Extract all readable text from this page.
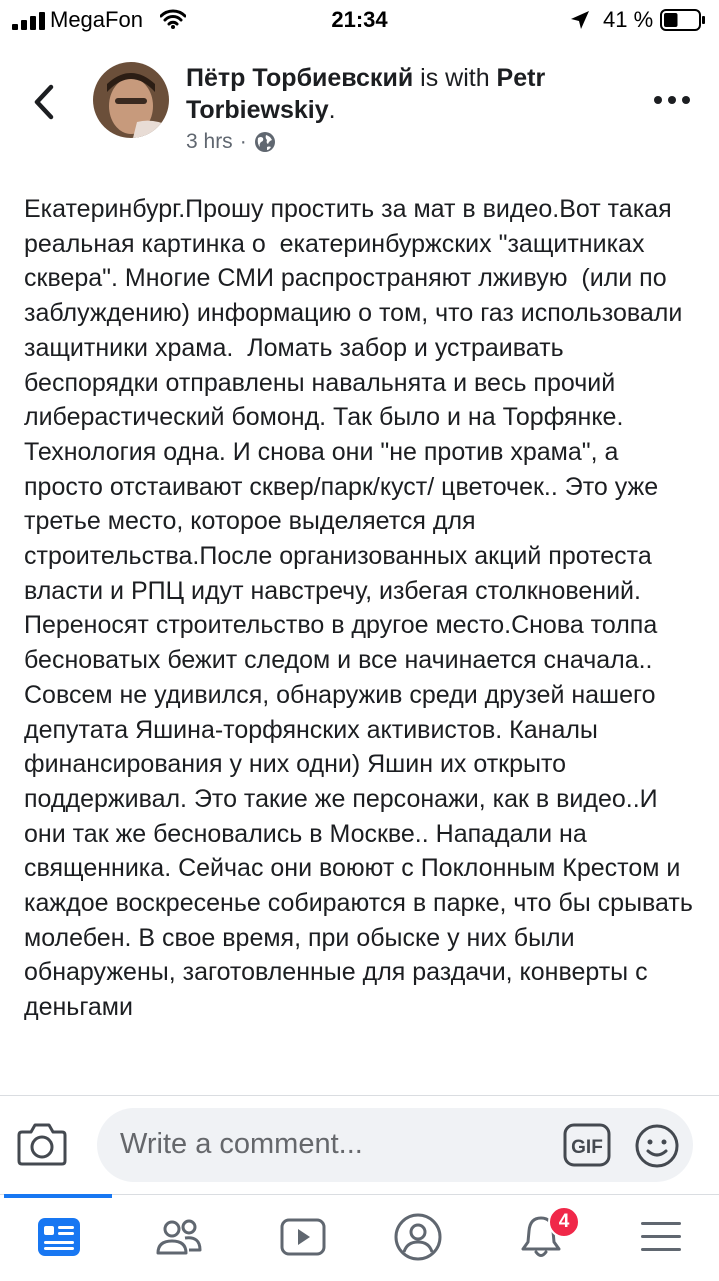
MegaFon	21:34	41 %
Пётр Торбиевский is with Petr Torbiewskiy.
3 hrs ·
Екатеринбург.Прошу простить за мат в видео.Вот такая реальная картинка о  екатеринбуржских "защитниках сквера". Многие СМИ распространяют лживую  (или по заблуждению) информацию о том, что газ использовали защитники храма.  Ломать забор и устраивать беспорядки отправлены навальнята и весь прочий либерастический бомонд. Так было и на Торфянке. Технология одна. И снова они "не против храма", а просто отстаивают сквер/парк/куст/ цветочек.. Это уже третье место, которое выделяется для строительства.После организованных акций протеста власти и РПЦ идут навстречу, избегая столкновений. Переносят строительство в другое место.Снова толпа бесноватых бежит следом и все начинается сначала.. Совсем не удивился, обнаружив среди друзей нашего депутата Яшина-торфянских активистов. Каналы финансирования у них одни) Яшин их открыто поддерживал. Это такие же персонажи, как в видео..И они так же бесновались в Москве.. Нападали на священника. Сейчас они воюют с Поклонным Крестом и каждое воскресенье собираются в парке, что бы срывать молебен. В свое время, при обыске у них были обнаружены, заготовленные для раздачи, конверты с деньгами
Write a comment...	GIF
4
